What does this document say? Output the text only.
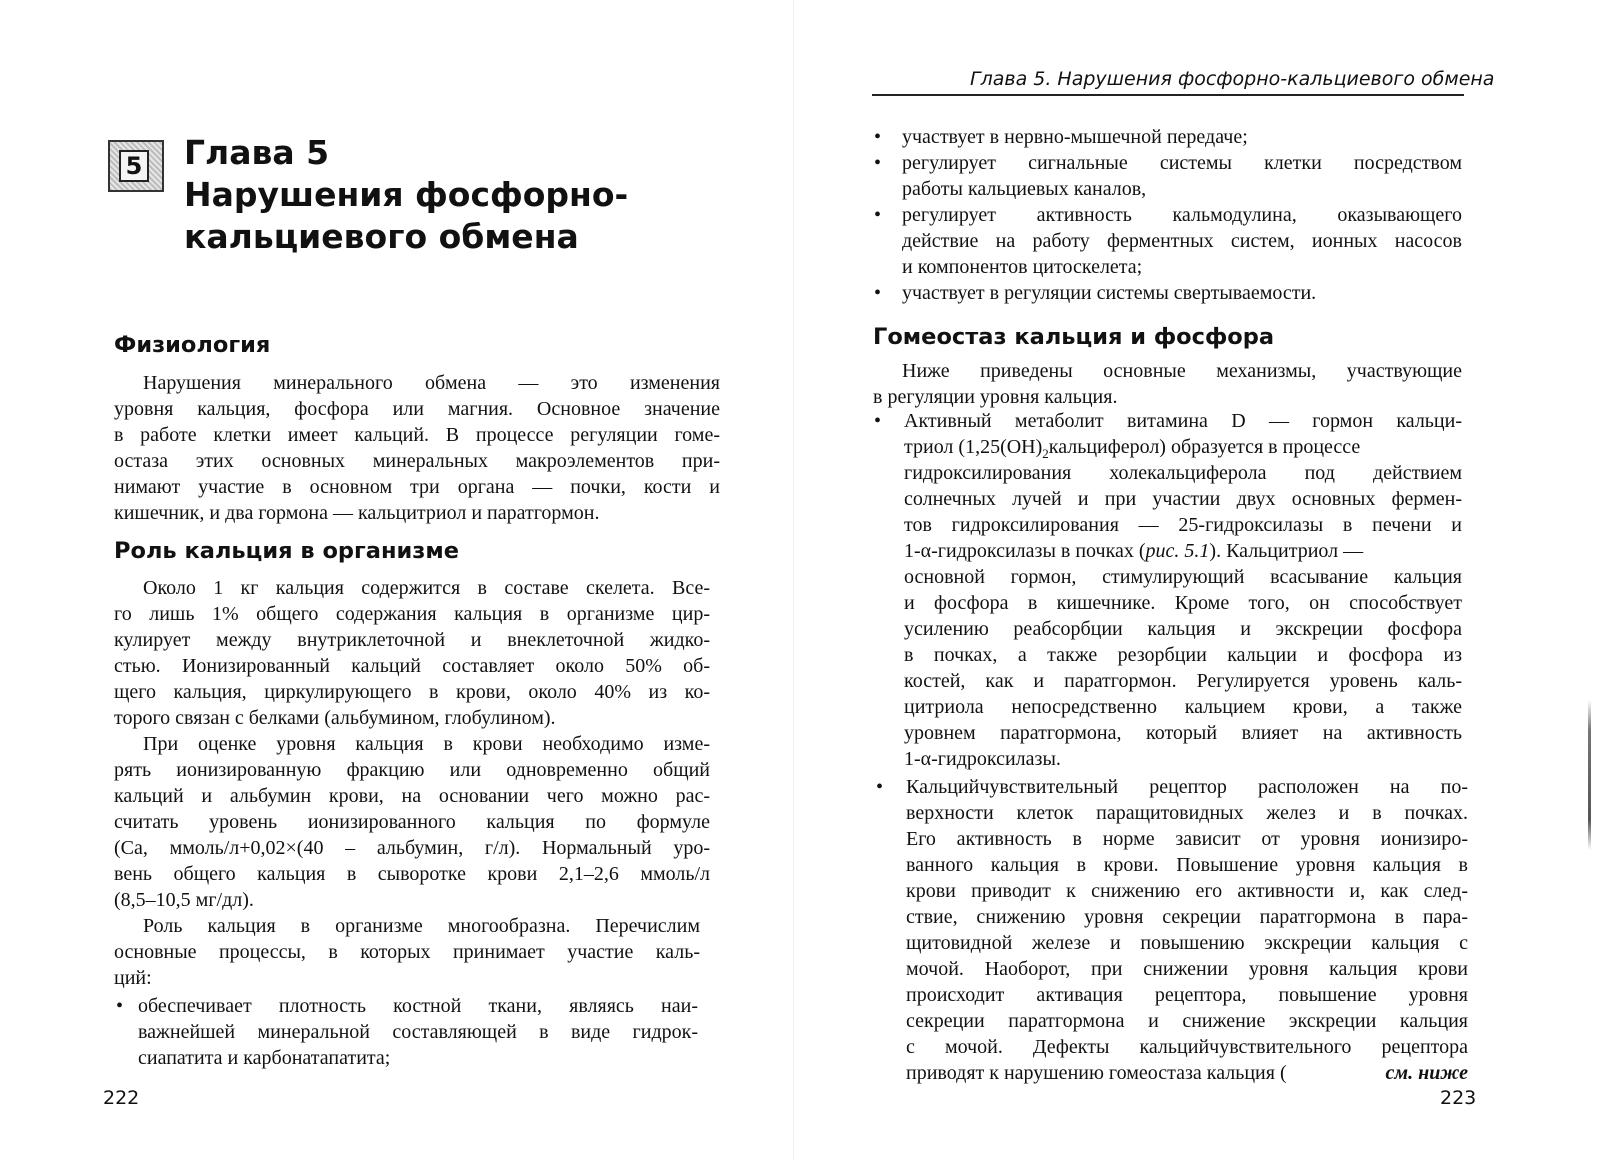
5 Глава 5
Нарушения фосфорно-
кальциевого обмена
Физиология
Нарушения минерального обмена — это изменения
уровня кальция, фосфора или магния. Основное значение
в работе клетки имеет кальций. В процессе регуляции гоме-
остаза этих основных минеральных макроэлементов при-
нимают участие в основном три органа — почки, кости и
кишечник, и два гормона — кальцитриол и паратгормон.
Роль кальция в организме
Около 1 кг кальция содержится в составе скелета. Все-
го лишь 1% общего содержания кальция в организме цир-
кулирует между внутриклеточной и внеклеточной жидко-
стью. Ионизированный кальций составляет около 50% об-
щего кальция, циркулирующего в крови, около 40% из ко-
торого связан с белками (альбумином, глобулином).
При оценке уровня кальция в крови необходимо изме-
рять ионизированную фракцию или одновременно общий
кальций и альбумин крови, на основании чего можно рас-
считать уровень ионизированного кальция по формуле
(Са, ммоль/л+0,02×(40 – альбумин, г/л). Нормальный уро-
вень общего кальция в сыворотке крови 2,1–2,6 ммоль/л
(8,5–10,5 мг/дл).
Роль кальция в организме многообразна. Перечислим
основные процессы, в которых принимает участие каль-
ций:
• обеспечивает плотность костной ткани, являясь наи-
важнейшей минеральной составляющей в виде гидрок-
сиапатита и карбонатапатита;
222
Глава 5. Нарушения фосфорно-кальциевого обмена
• участвует в нервно-мышечной передаче;
• регулирует сигнальные системы клетки посредством
работы кальциевых каналов,
• регулирует активность кальмодулина, оказывающего
действие на работу ферментных систем, ионных насосов
и компонентов цитоскелета;
• участвует в регуляции системы свертываемости.
Гомеостаз кальция и фосфора
Ниже приведены основные механизмы, участвующие
в регуляции уровня кальция.
• Активный метаболит витамина D — гормон кальци-
триол $(1,25(OH)_2кальциферол)$ образуется в процессе
гидроксилирования холекальциферола под действием
солнечных лучей и при участии двух основных фермен-
тов гидроксилирования — 25-гидроксилазы в печени и
1-α-гидроксилазы в почках (рис. 5.1). Кальцитриол —
основной гормон, стимулирующий всасывание кальция
и фосфора в кишечнике. Кроме того, он способствует
усилению реабсорбции кальция и экскреции фосфора
в почках, а также резорбции кальции и фосфора из
костей, как и паратгормон. Регулируется уровень каль-
цитриола непосредственно кальцием крови, а также
уровнем паратгормона, который влияет на активность
1-α-гидроксилазы.
• Кальцийчувствительный рецептор расположен на по-
верхности клеток паращитовидных желез и в почках.
Его активность в норме зависит от уровня ионизиро-
ванного кальция в крови. Повышение уровня кальция в
крови приводит к снижению его активности и, как след-
ствие, снижению уровня секреции паратгормона в пара-
щитовидной железе и повышению экскреции кальция с
мочой. Наоборот, при снижении уровня кальция крови
происходит активация рецептора, повышение уровня
секреции паратгормона и снижение экскреции кальция
с мочой. Дефекты кальцийчувствительного рецептора
приводят к нарушению гомеостаза кальция (	см. ниже
223
